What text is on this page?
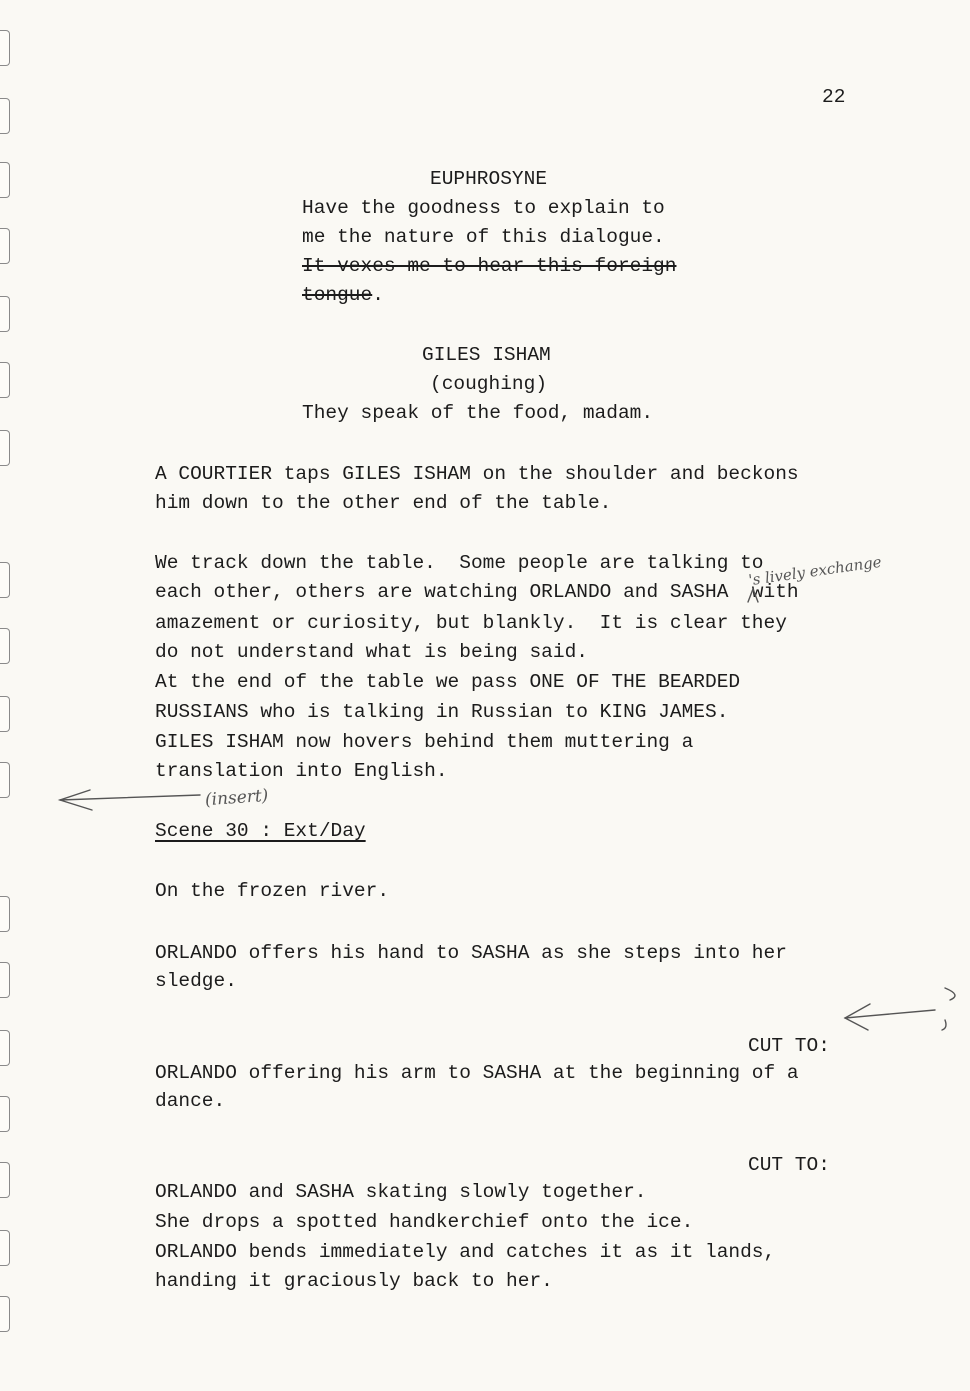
22
EUPHROSYNE
Have the goodness to explain to
me the nature of this dialogue.
It vexes me to hear this foreign
tongue.
GILES ISHAM
(coughing)
They speak of the food, madam.
A COURTIER taps GILES ISHAM on the shoulder and beckons
him down to the other end of the table.
We track down the table.  Some people are talking to
each other, others are watching ORLANDO and SASHA  with
amazement or curiosity, but blankly.  It is clear they
do not understand what is being said.
At the end of the table we pass ONE OF THE BEARDED
RUSSIANS who is talking in Russian to KING JAMES.
GILES ISHAM now hovers behind them muttering a
translation into English.
's lively exchange
(insert)
Scene 30 : Ext/Day
On the frozen river.
ORLANDO offers his hand to SASHA as she steps into her
sledge.
CUT TO:
ORLANDO offering his arm to SASHA at the beginning of a
dance.
CUT TO:
ORLANDO and SASHA skating slowly together.
She drops a spotted handkerchief onto the ice.
ORLANDO bends immediately and catches it as it lands,
handing it graciously back to her.
